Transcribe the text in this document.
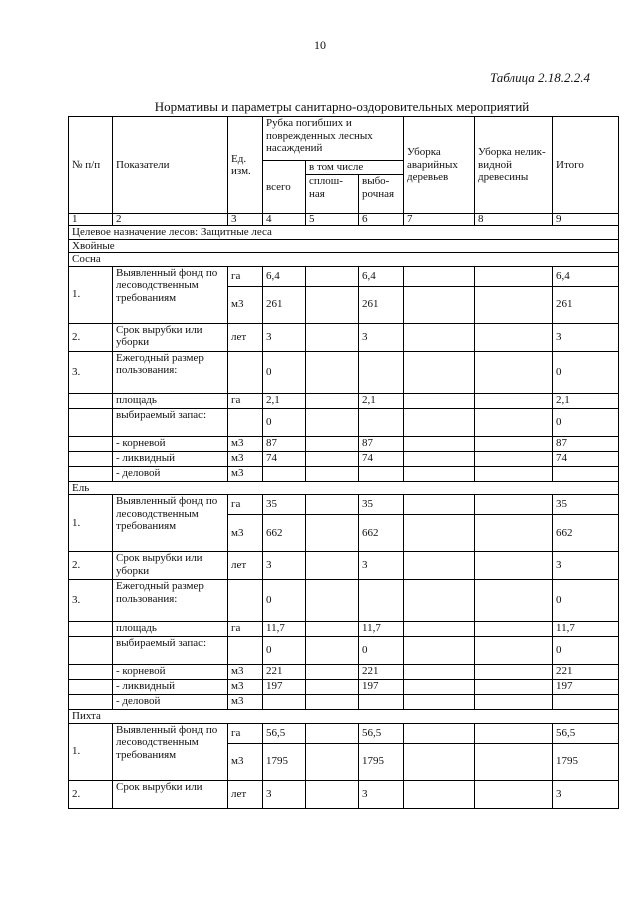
10
Таблица 2.18.2.2.4
Нормативы и параметры санитарно-оздоровительных мероприятий
№ п/п	Показатели	Ед. изм.	Рубка погибших и поврежденных лесных насаждений			Уборка аварийных деревьев	Уборка нелик-видной древесины	Итого
			всего	в том числе				
				сплош-ная	выбо-рочная			
1	2	3	4	5	6	7	8	9
Целевое назначение лесов: Защитные леса								
Хвойные								
Сосна								
1.	Выявленный фонд по лесоводственным требованиям	га	6,4		6,4			6,4
		м3	261		261			261
2.	Срок вырубки или уборки	лет	3		3			3
3.	Ежегодный размер пользования:		0					0
	площадь	га	2,1		2,1			2,1
	выбираемый запас:		0					0
	- корневой	м3	87		87			87
	- ликвидный	м3	74		74			74
	- деловой	м3						
Ель								
1.	Выявленный фонд по лесоводственным требованиям	га	35		35			35
		м3	662		662			662
2.	Срок вырубки или уборки	лет	3		3			3
3.	Ежегодный размер пользования:		0					0
	площадь	га	11,7		11,7			11,7
	выбираемый запас:		0		0			0
	- корневой	м3	221		221			221
	- ликвидный	м3	197		197			197
	- деловой	м3						
Пихта								
1.	Выявленный фонд по лесоводственным требованиям	га	56,5		56,5			56,5
		м3	1795		1795			1795
2.	Срок вырубки или	лет	3		3			3
